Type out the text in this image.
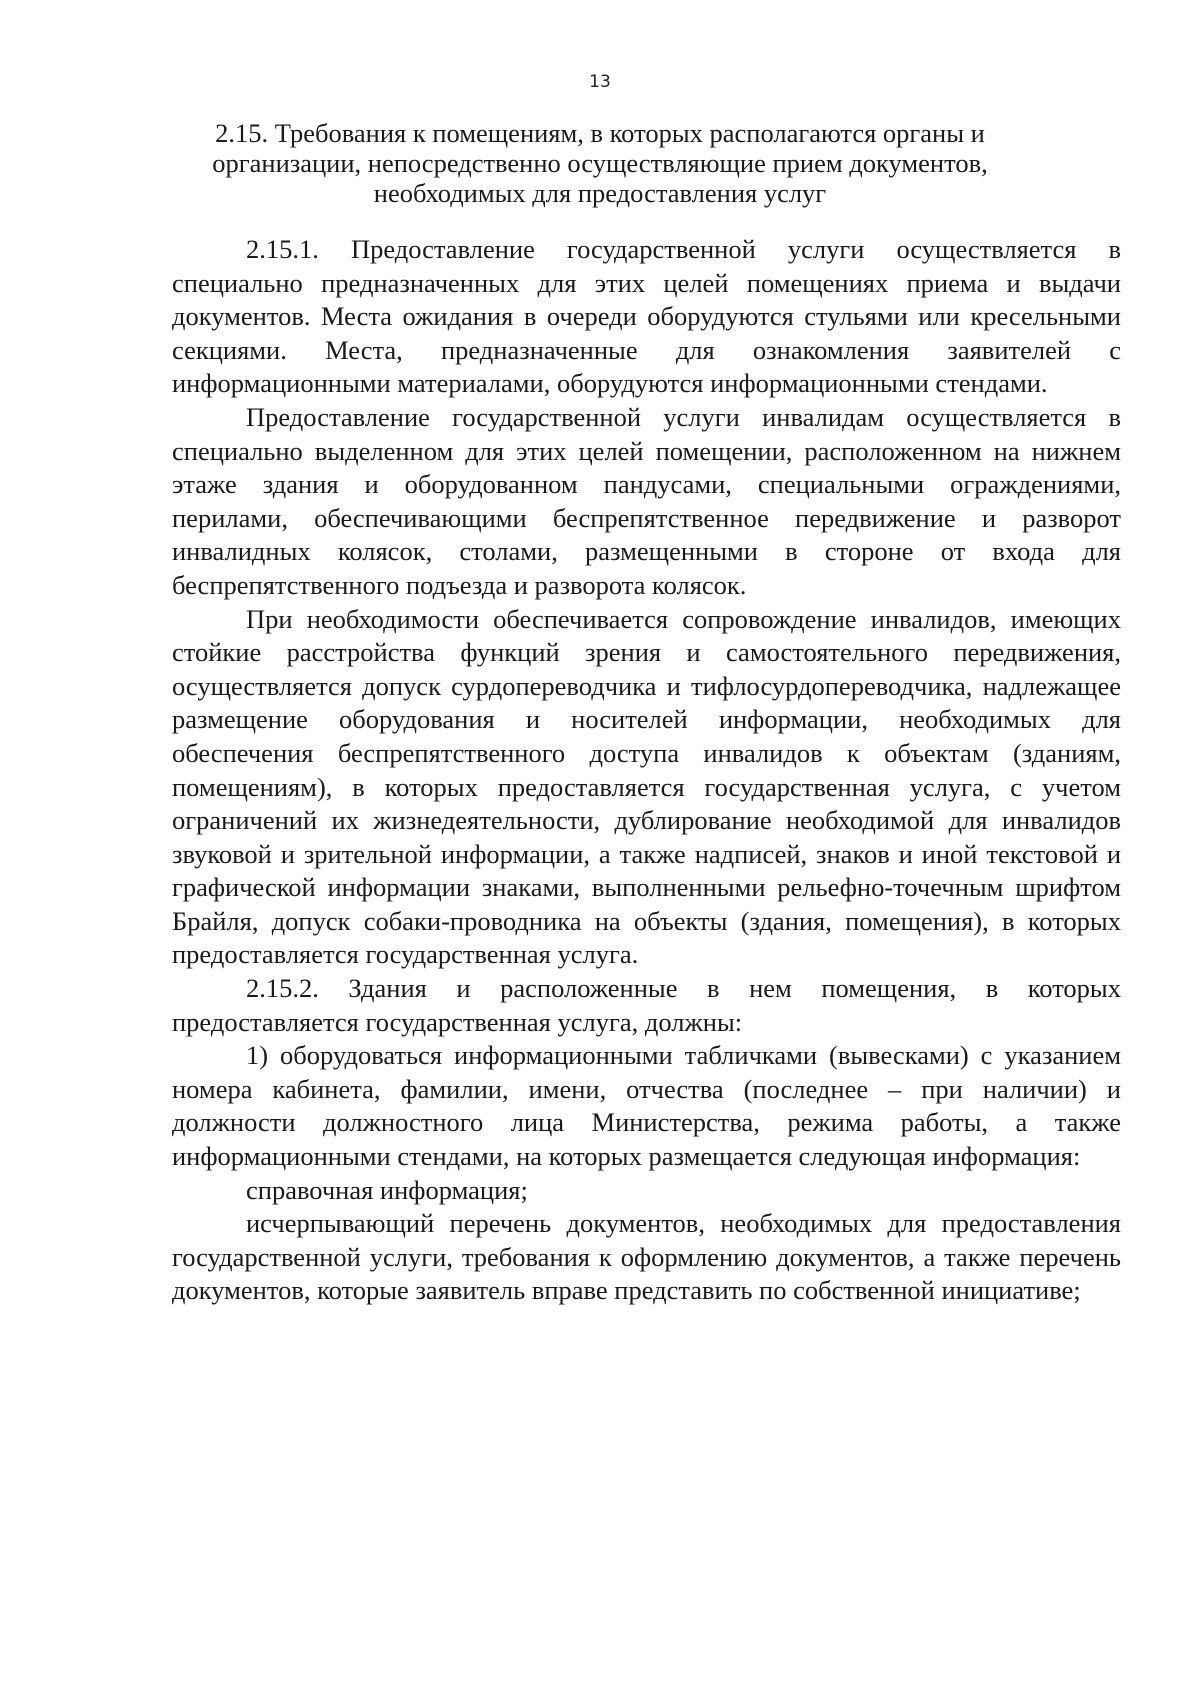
13
2.15. Требования к помещениям, в которых располагаются органы и
организации, непосредственно осуществляющие прием документов,
необходимых для предоставления услуг

2.15.1. Предоставление государственной услуги осуществляется в специально предназначенных для этих целей помещениях приема и выдачи документов. Места ожидания в очереди оборудуются стульями или кресельными секциями. Места, предназначенные для ознакомления заявителей с информационными материалами, оборудуются информационными стендами.

Предоставление государственной услуги инвалидам осуществляется в специально выделенном для этих целей помещении, расположенном на нижнем этаже здания и оборудованном пандусами, специальными ограждениями, перилами, обеспечивающими беспрепятственное передвижение и разворот инвалидных колясок, столами, размещенными в стороне от входа для беспрепятственного подъезда и разворота колясок.

При необходимости обеспечивается сопровождение инвалидов, имеющих стойкие расстройства функций зрения и самостоятельного передвижения, осуществляется допуск сурдопереводчика и тифлосурдопереводчика, надлежащее размещение оборудования и носителей информации, необходимых для обеспечения беспрепятственного доступа инвалидов к объектам (зданиям, помещениям), в которых предоставляется государственная услуга, с учетом ограничений их жизнедеятельности, дублирование необходимой для инвалидов звуковой и зрительной информации, а также надписей, знаков и иной текстовой и графической информации знаками, выполненными рельефно-точечным шрифтом Брайля, допуск собаки-проводника на объекты (здания, помещения), в которых предоставляется государственная услуга.

2.15.2. Здания и расположенные в нем помещения, в которых предоставляется государственная услуга, должны:

1) оборудоваться информационными табличками (вывесками) с указанием номера кабинета, фамилии, имени, отчества (последнее – при наличии) и должности должностного лица Министерства, режима работы, а также информационными стендами, на которых размещается следующая информация:

справочная информация;

исчерпывающий перечень документов, необходимых для предоставления государственной услуги, требования к оформлению документов, а также перечень документов, которые заявитель вправе представить по собственной инициативе;
